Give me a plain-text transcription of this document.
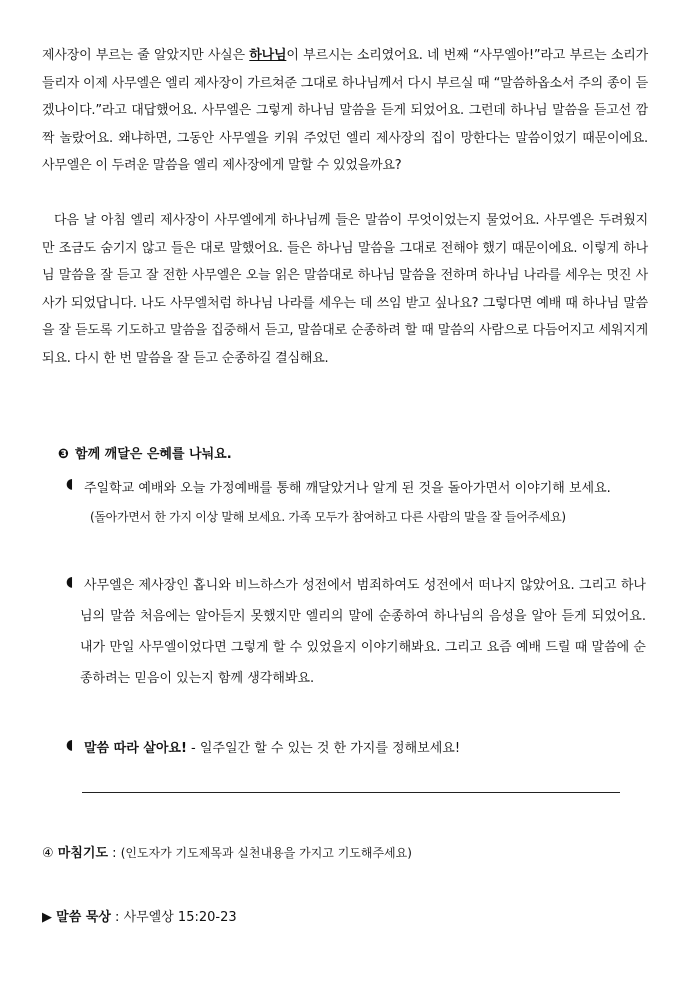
제사장이 부르는 줄 알았지만 사실은 하나님이 부르시는 소리였어요. 네 번째 “사무엘아!”라고 부르는 소리가 들리자 이제 사무엘은 엘리 제사장이 가르쳐준 그대로 하나님께서 다시 부르실 때 “말씀하옵소서 주의 종이 듣겠나이다.”라고 대답했어요. 사무엘은 그렇게 하나님 말씀을 듣게 되었어요. 그런데 하나님 말씀을 듣고선 깜짝 놀랐어요. 왜냐하면, 그동안 사무엘을 키워 주었던 엘리 제사장의 집이 망한다는 말씀이었기 때문이에요. 사무엘은 이 두려운 말씀을 엘리 제사장에게 말할 수 있었을까요?

다음 날 아침 엘리 제사장이 사무엘에게 하나님께 들은 말씀이 무엇이었는지 물었어요. 사무엘은 두려웠지만 조금도 숨기지 않고 들은 대로 말했어요. 들은 하나님 말씀을 그대로 전해야 했기 때문이에요. 이렇게 하나님 말씀을 잘 듣고 잘 전한 사무엘은 오늘 읽은 말씀대로 하나님 말씀을 전하며 하나님 나라를 세우는 멋진 사사가 되었답니다. 나도 사무엘처럼 하나님 나라를 세우는 데 쓰임 받고 싶나요? 그렇다면 예배 때 하나님 말씀을 잘 듣도록 기도하고 말씀을 집중해서 듣고, 말씀대로 순종하려 할 때 말씀의 사람으로 다듬어지고 세워지게 되요. 다시 한 번 말씀을 잘 듣고 순종하길 결심해요.

❸ 함께 깨달은 은혜를 나눠요.

◖ 주일학교 예배와 오늘 가정예배를 통해 깨달았거나 알게 된 것을 돌아가면서 이야기해 보세요.

(돌아가면서 한 가지 이상 말해 보세요. 가족 모두가 참여하고 다른 사람의 말을 잘 들어주세요)

◖ 사무엘은 제사장인 홉니와 비느하스가 성전에서 범죄하여도 성전에서 떠나지 않았어요. 그리고 하나님의 말씀 처음에는 알아듣지 못했지만 엘리의 말에 순종하여 하나님의 음성을 알아 듣게 되었어요. 내가 만일 사무엘이었다면 그렇게 할 수 있었을지 이야기해봐요. 그리고 요즘 예배 드릴 때 말씀에 순종하려는 믿음이 있는지 함께 생각해봐요.

◖ 말씀 따라 살아요! - 일주일간 할 수 있는 것 한 가지를 정해보세요!

④ 마침기도 : (인도자가 기도제목과 실천내용을 가지고 기도해주세요)

▶ 말씀 묵상 : 사무엘상 15:20-23
